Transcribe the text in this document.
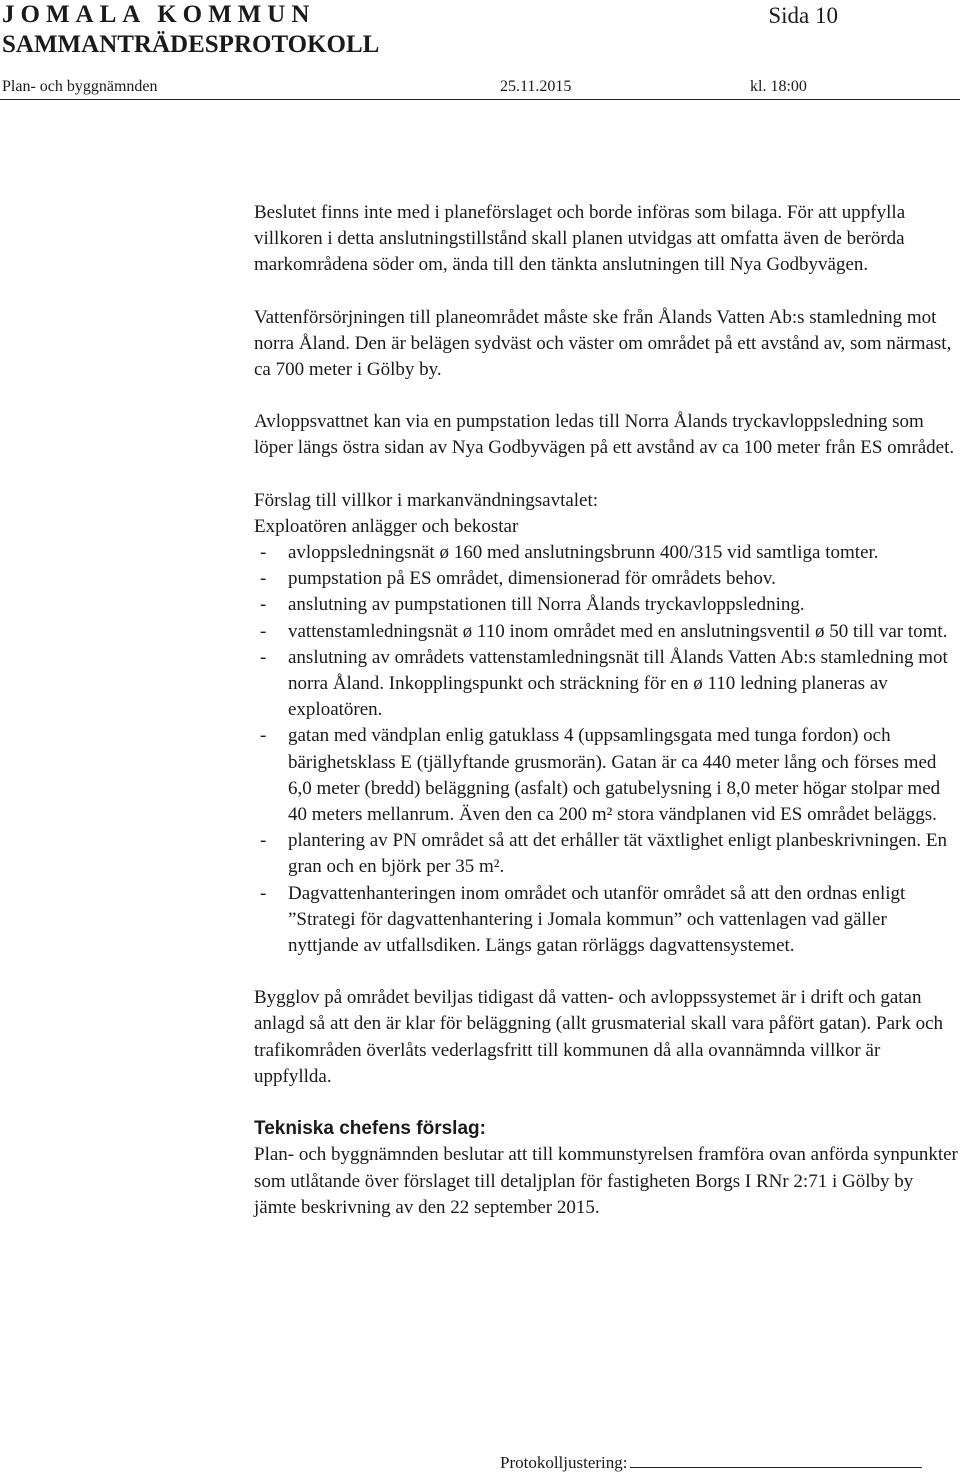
JOMALA KOMMUN	Sida 10
SAMMANTRÄDESPROTOKOLL
Plan- och byggnämnden	25.11.2015	kl. 18:00

Beslutet finns inte med i planeförslaget och borde införas som bilaga. För att uppfylla villkoren i detta anslutningstillstånd skall planen utvidgas att omfatta även de berörda markområdena söder om, ända till den tänkta anslutningen till Nya Godbyvägen.

Vattenförsörjningen till planeområdet måste ske från Ålands Vatten Ab:s stamledning mot norra Åland. Den är belägen sydväst och väster om området på ett avstånd av, som närmast, ca 700 meter i Gölby by.

Avloppsvattnet kan via en pumpstation ledas till Norra Ålands tryckavloppsledning som löper längs östra sidan av Nya Godbyvägen på ett avstånd av ca 100 meter från ES området.

Förslag till villkor i markanvändningsavtalet:

Exploatören anlägger och bekostar

- avloppsledningsnät ø 160 med anslutningsbrunn 400/315 vid samtliga tomter.
- pumpstation på ES området, dimensionerad för områdets behov.
- anslutning av pumpstationen till Norra Ålands tryckavloppsledning.
- vattenstamledningsnät ø 110 inom området med en anslutningsventil ø 50 till var tomt.
- anslutning av områdets vattenstamledningsnät till Ålands Vatten Ab:s stamledning mot norra Åland. Inkopplingspunkt och sträckning för en ø 110 ledning planeras av exploatören.
- gatan med vändplan enlig gatuklass 4 (uppsamlingsgata med tunga fordon) och bärighetsklass E (tjällyftande grusmorän). Gatan är ca 440 meter lång och förses med 6,0 meter (bredd) beläggning (asfalt) och gatubelysning i 8,0 meter högar stolpar med 40 meters mellanrum. Även den ca 200 m² stora vändplanen vid ES området beläggs.
- plantering av PN området så att det erhåller tät växtlighet enligt planbeskrivningen. En gran och en björk per 35 m².
- Dagvattenhanteringen inom området och utanför området så att den ordnas enligt ”Strategi för dagvattenhantering i Jomala kommun” och vattenlagen vad gäller nyttjande av utfallsdiken. Längs gatan rörläggs dagvattensystemet.

Bygglov på området beviljas tidigast då vatten- och avloppssystemet är i drift och gatan anlagd så att den är klar för beläggning (allt grusmaterial skall vara påfört gatan). Park och trafikområden överlåts vederlagsfritt till kommunen då alla ovannämnda villkor är uppfyllda.

Tekniska chefens förslag:
Plan- och byggnämnden beslutar att till kommunstyrelsen framföra ovan anförda synpunkter som utlåtande över förslaget till detaljplan för fastigheten Borgs I RNr 2:71 i Gölby by jämte beskrivning av den 22 september 2015.
Protokolljustering:
